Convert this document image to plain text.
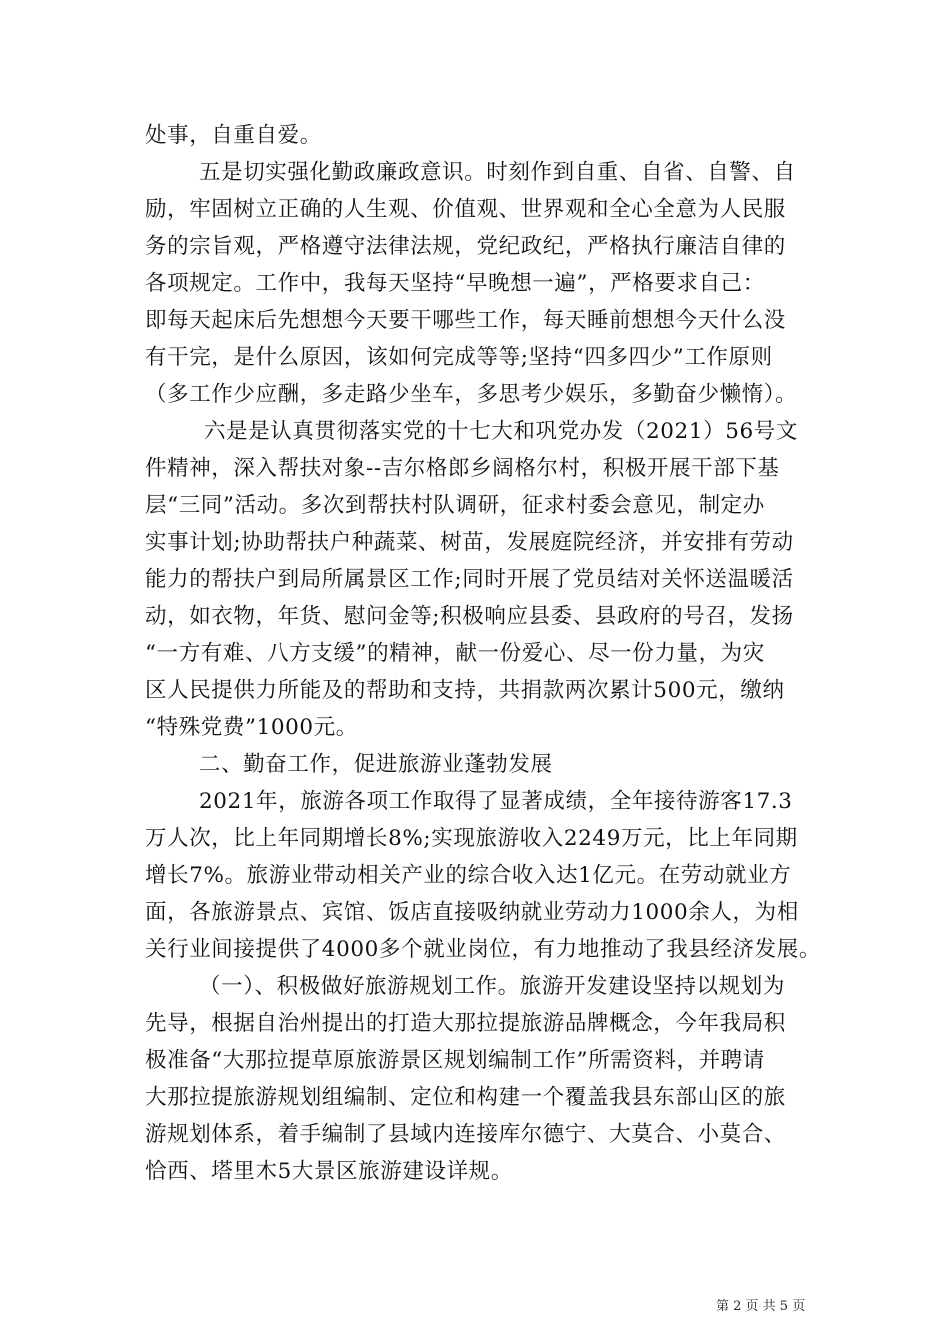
处事，自重自爱。
五是切实强化勤政廉政意识。时刻作到自重、自省、自警、自
励，牢固树立正确的人生观、价值观、世界观和全心全意为人民服
务的宗旨观，严格遵守法律法规，党纪政纪，严格执行廉洁自律的
各项规定。工作中，我每天坚持“早晚想一遍”，严格要求自己：
即每天起床后先想想今天要干哪些工作，每天睡前想想今天什么没
有干完，是什么原因，该如何完成等等;坚持“四多四少”工作原则
（多工作少应酬，多走路少坐车，多思考少娱乐，多勤奋少懒惰）。
六是是认真贯彻落实党的十七大和巩党办发（2021）56号文
件精神，深入帮扶对象--吉尔格郎乡阔格尔村，积极开展干部下基
层“三同”活动。多次到帮扶村队调研，征求村委会意见，制定办
实事计划;协助帮扶户种蔬菜、树苗，发展庭院经济，并安排有劳动
能力的帮扶户到局所属景区工作;同时开展了党员结对关怀送温暖活
动，如衣物，年货、慰问金等;积极响应县委、县政府的号召，发扬
“一方有难、八方支缓”的精神，献一份爱心、尽一份力量，为灾
区人民提供力所能及的帮助和支持，共捐款两次累计500元，缴纳
“特殊党费”1000元。
二、勤奋工作，促进旅游业蓬勃发展
2021年，旅游各项工作取得了显著成绩，全年接待游客17.3
万人次，比上年同期增长8%;实现旅游收入2249万元，比上年同期
增长7%。旅游业带动相关产业的综合收入达1亿元。在劳动就业方
面，各旅游景点、宾馆、饭店直接吸纳就业劳动力1000余人，为相
关行业间接提供了4000多个就业岗位，有力地推动了我县经济发展。
（一）、积极做好旅游规划工作。旅游开发建设坚持以规划为
先导，根据自治州提出的打造大那拉提旅游品牌概念，今年我局积
极准备“大那拉提草原旅游景区规划编制工作”所需资料，并聘请
大那拉提旅游规划组编制、定位和构建一个覆盖我县东部山区的旅
游规划体系，着手编制了县域内连接库尔德宁、大莫合、小莫合、
恰西、塔里木5大景区旅游建设详规。
第 2 页 共 5 页
